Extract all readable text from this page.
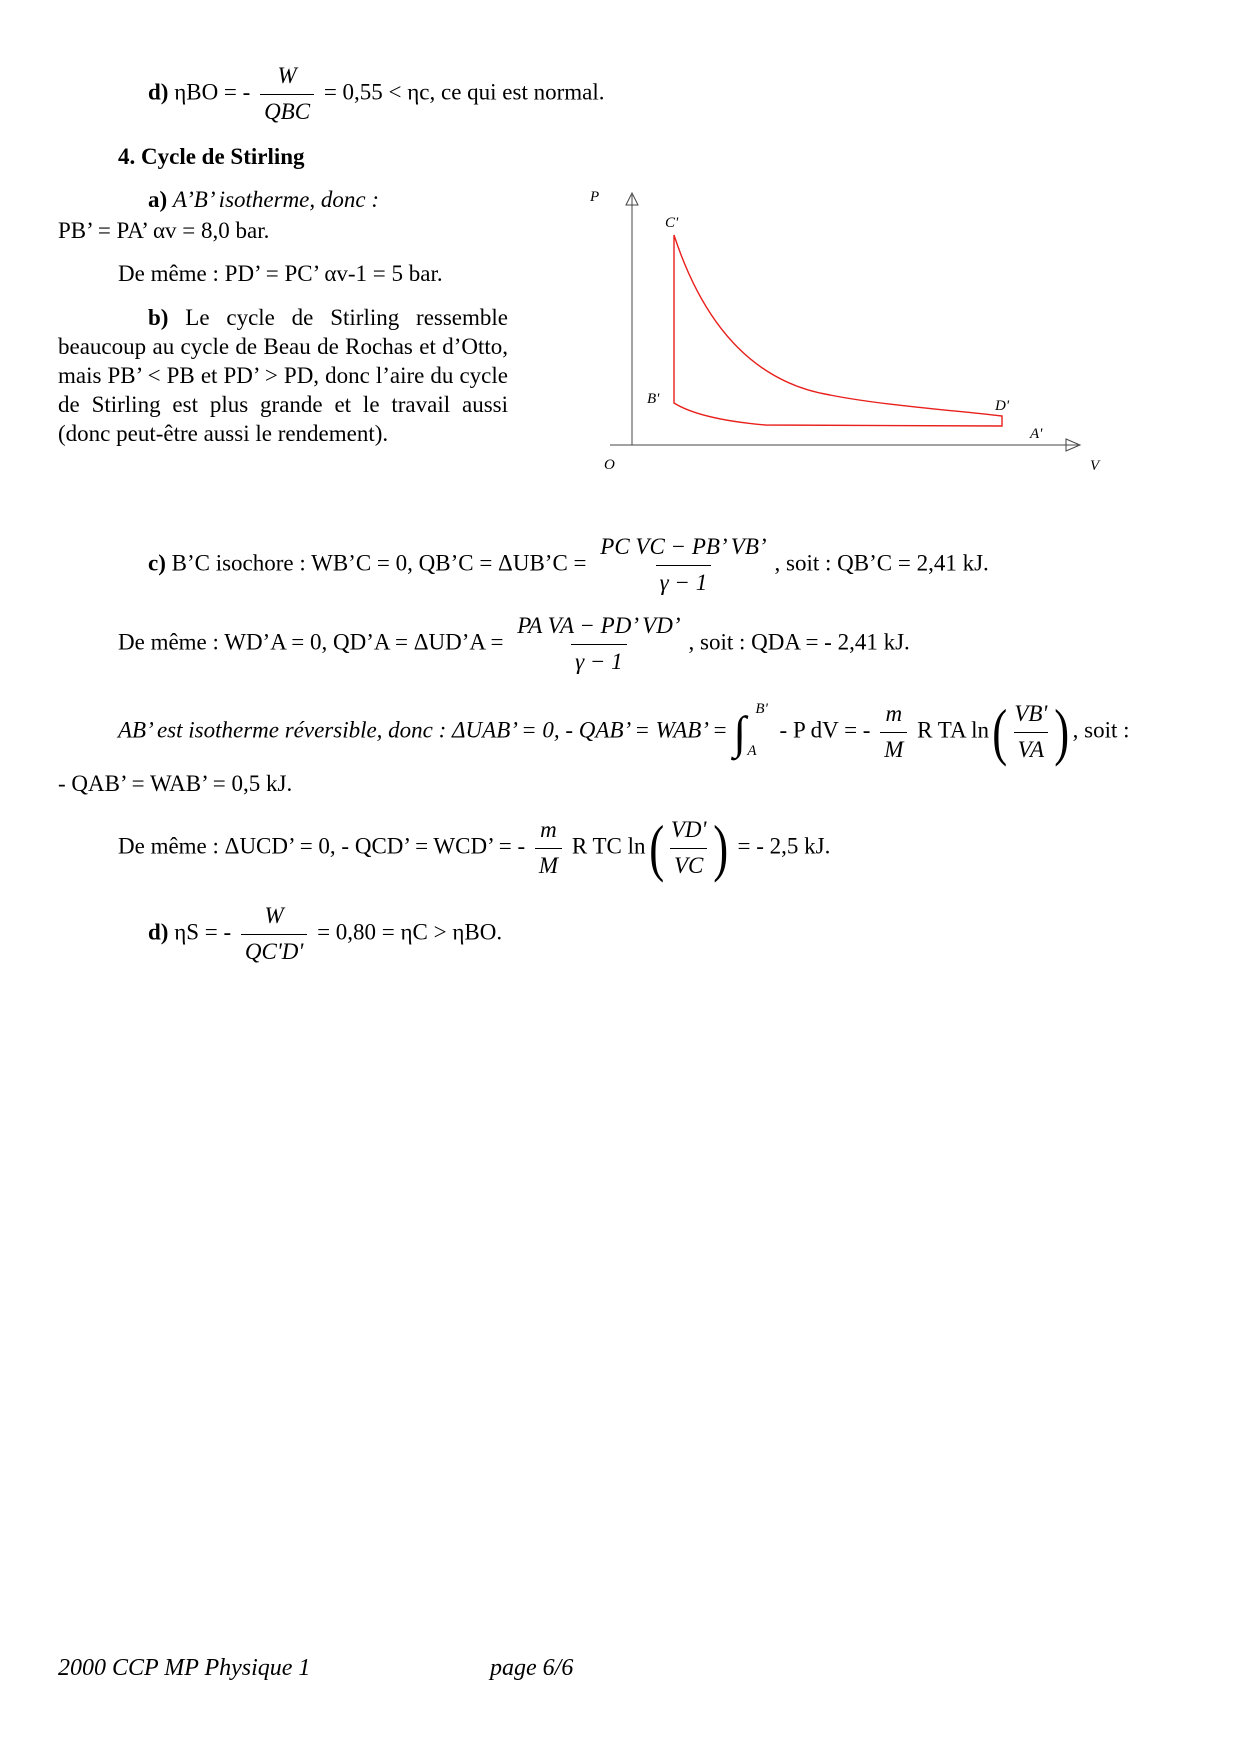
d) ηBO = - $\frac{W}{\text{QBC}} = 0,55 < \eta c$, ce qui est normal.
4. Cycle de Stirling
a) A’B’ isotherme, donc :
PB’ = PA’ αv = 8,0 bar.
De même : PD’ = PC’ αv-1 = 5 bar.
b) Le cycle de Stirling ressemble beaucoup au cycle de Beau de Rochas et d’Otto, mais PB’ < PB et PD’ > PD, donc l’aire du cycle de Stirling est plus grande et le travail aussi (donc peut-être aussi le rendement).
P
V
O
C'
B'	D'
A'
c) B’C isochore : WB’C = 0, QB’C = ΔUB’C = $\frac{\text{PC VC − PB’ VB’}}{\gamma - 1}$ , soit : QB’C = 2,41 kJ.
De même : WD’A = 0, QD’A = ΔUD’A = $\frac{\text{PA VA − PD’ VD’}}{\gamma - 1}$ , soit : QDA = - 2,41 kJ.
AB’ est isotherme réversible, donc : ΔUAB’ = 0, - QAB’ = WAB’ = ∫ B'
A
- P dV = - $\frac{m}{M}$ R TA ln ( $\frac{VB'}{VA}$ ) , soit :
- QAB’ = WAB’ = 0,5 kJ.
De même : ΔUCD’ = 0, - QCD’ = WCD’ = - $\frac{m}{M}$ R TC ln ( $\frac{VD'}{VC}$ ) = - 2,5 kJ.
d) ηS = - $\frac{W}{QC'D'} = 0,80 = \eta C > \eta BO$.
2000 CCP MP Physique 1	page 6/6
